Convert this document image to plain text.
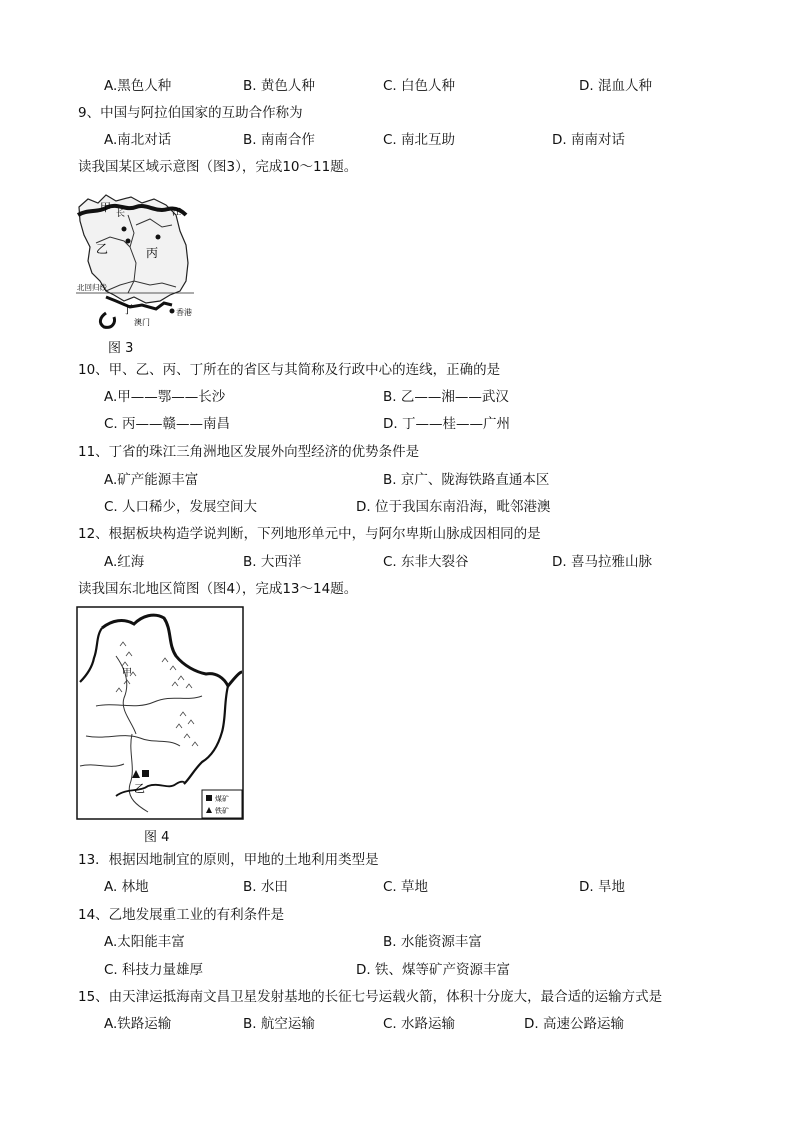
A.黑色人种	B. 黄色人种	C. 白色人种	D. 混血人种
9、中国与阿拉伯国家的互助合作称为
A.南北对话	B. 南南合作	C. 南北互助	D. 南南对话
读我国某区域示意图（图3），完成10～11题。
甲 长	江
乙	丙
丁
北回归线
香港
澳门
图 3
10、甲、乙、丙、丁所在的省区与其简称及行政中心的连线，正确的是
A.甲——鄂——长沙	B. 乙——湘——武汉
C. 丙——赣——南昌	D. 丁——桂——广州
11、丁省的珠江三角洲地区发展外向型经济的优势条件是
A.矿产能源丰富	B. 京广、陇海铁路直通本区
C. 人口稀少，发展空间大	D. 位于我国东南沿海，毗邻港澳
12、根据板块构造学说判断，下列地形单元中，与阿尔卑斯山脉成因相同的是
A.红海	B. 大西洋	C. 东非大裂谷	D. 喜马拉雅山脉
读我国东北地区简图（图4），完成13～14题。
甲
乙
煤矿
铁矿
图 4
13．根据因地制宜的原则，甲地的土地利用类型是
A. 林地	B. 水田	C. 草地	D. 旱地
14、乙地发展重工业的有利条件是
A.太阳能丰富	B. 水能资源丰富
C. 科技力量雄厚	D. 铁、煤等矿产资源丰富
15、由天津运抵海南文昌卫星发射基地的长征七号运载火箭，体积十分庞大，最合适的运输方式是
A.铁路运输	B. 航空运输	C. 水路运输	D. 高速公路运输
